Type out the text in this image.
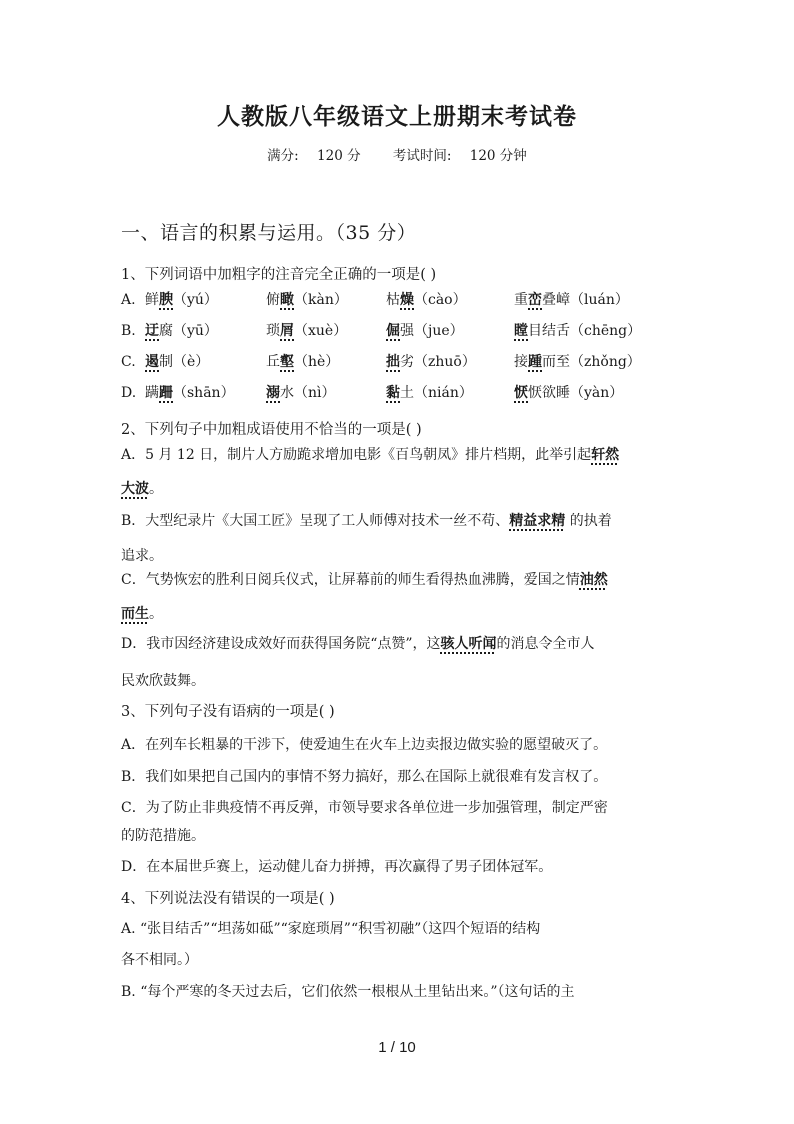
人教版八年级语文上册期末考试卷
满分: 120 分 考试时间: 120 分钟
一、语言的积累与运用。（35 分）
1、下列词语中加粗字的注音完全正确的一项是( )
A. 鲜腴（yú）	俯瞰（kàn）	枯燥（cào）	重峦叠嶂（luán）
B. 迂腐（yū）	琐屑（xuè）	倔强（jue）	瞠目结舌（chēng）
C. 遏制（è）	丘壑（hè）	拙劣（zhuō）	接踵而至（zhǒng）
D. 蹒跚（shān） 溺水（nì）	黏土（nián）	恹恹欲睡（yàn）
2、下列句子中加粗成语使用不恰当的一项是( )
A．5 月 12 日，制片人方励跪求增加电影《百鸟朝凤》排片档期，此举引起轩然
大波。
B．大型纪录片《大国工匠》呈现了工人师傅对技术一丝不苟、精益求精 的执着
追求。
C．气势恢宏的胜利日阅兵仪式，让屏幕前的师生看得热血沸腾，爱国之情油然
而生。
D．我市因经济建设成效好而获得国务院“点赞”，这骇人听闻的消息令全市人
民欢欣鼓舞。
3、下列句子没有语病的一项是( )
A．在列车长粗暴的干涉下，使爱迪生在火车上边卖报边做实验的愿望破灭了。
B．我们如果把自己国内的事情不努力搞好，那么在国际上就很难有发言权了。
C．为了防止非典疫情不再反弹，市领导要求各单位进一步加强管理，制定严密
的防范措施。
D．在本届世乒赛上，运动健儿奋力拼搏，再次赢得了男子团体冠军。
4、下列说法没有错误的一项是( )
A. “张目结舌”“坦荡如砥”“家庭琐屑”“积雪初融”（这四个短语的结构
各不相同。）
B. “每个严寒的冬天过去后，它们依然一根根从土里钻出来。”（这句话的主
1 / 10
